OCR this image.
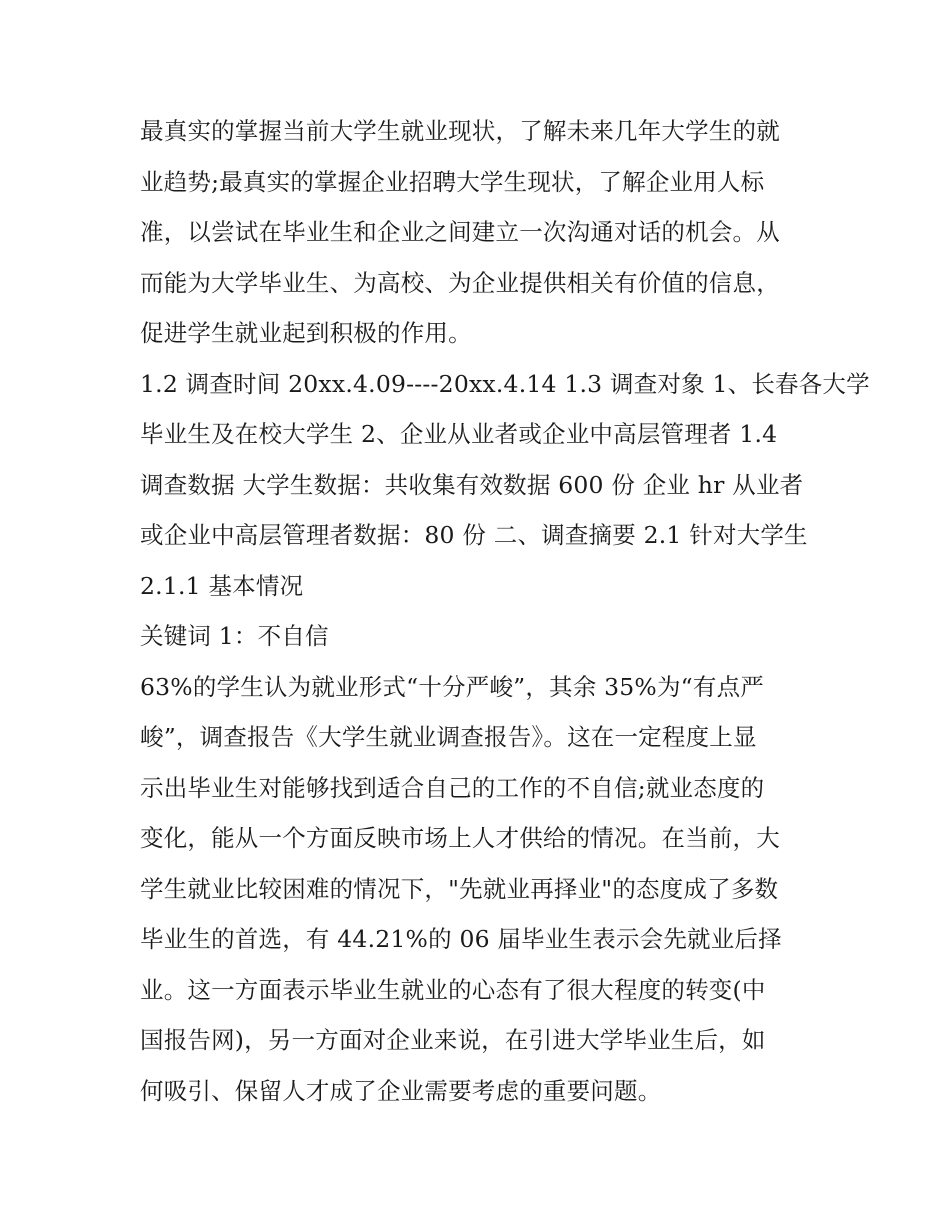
最真实的掌握当前大学生就业现状，了解未来几年大学生的就
业趋势;最真实的掌握企业招聘大学生现状，了解企业用人标
准，以尝试在毕业生和企业之间建立一次沟通对话的机会。从
而能为大学毕业生、为高校、为企业提供相关有价值的信息，
促进学生就业起到积极的作用。

1.2 调查时间 20xx.4.09----20xx.4.14 1.3 调查对象 1、长春各大学
毕业生及在校大学生 2、企业从业者或企业中高层管理者 1.4
调查数据 大学生数据：共收集有效数据 600 份 企业 hr 从业者
或企业中高层管理者数据：80 份 二、调查摘要 2.1 针对大学生
2.1.1 基本情况

关键词 1：不自信

63%的学生认为就业形式“十分严峻”，其余 35%为“有点严
峻”，调查报告《大学生就业调查报告》。这在一定程度上显
示出毕业生对能够找到适合自己的工作的不自信;就业态度的
变化，能从一个方面反映市场上人才供给的情况。在当前，大
学生就业比较困难的情况下，"先就业再择业"的态度成了多数
毕业生的首选，有 44.21%的 06 届毕业生表示会先就业后择
业。这一方面表示毕业生就业的心态有了很大程度的转变(中
国报告网)，另一方面对企业来说，在引进大学毕业生后，如
何吸引、保留人才成了企业需要考虑的重要问题。
